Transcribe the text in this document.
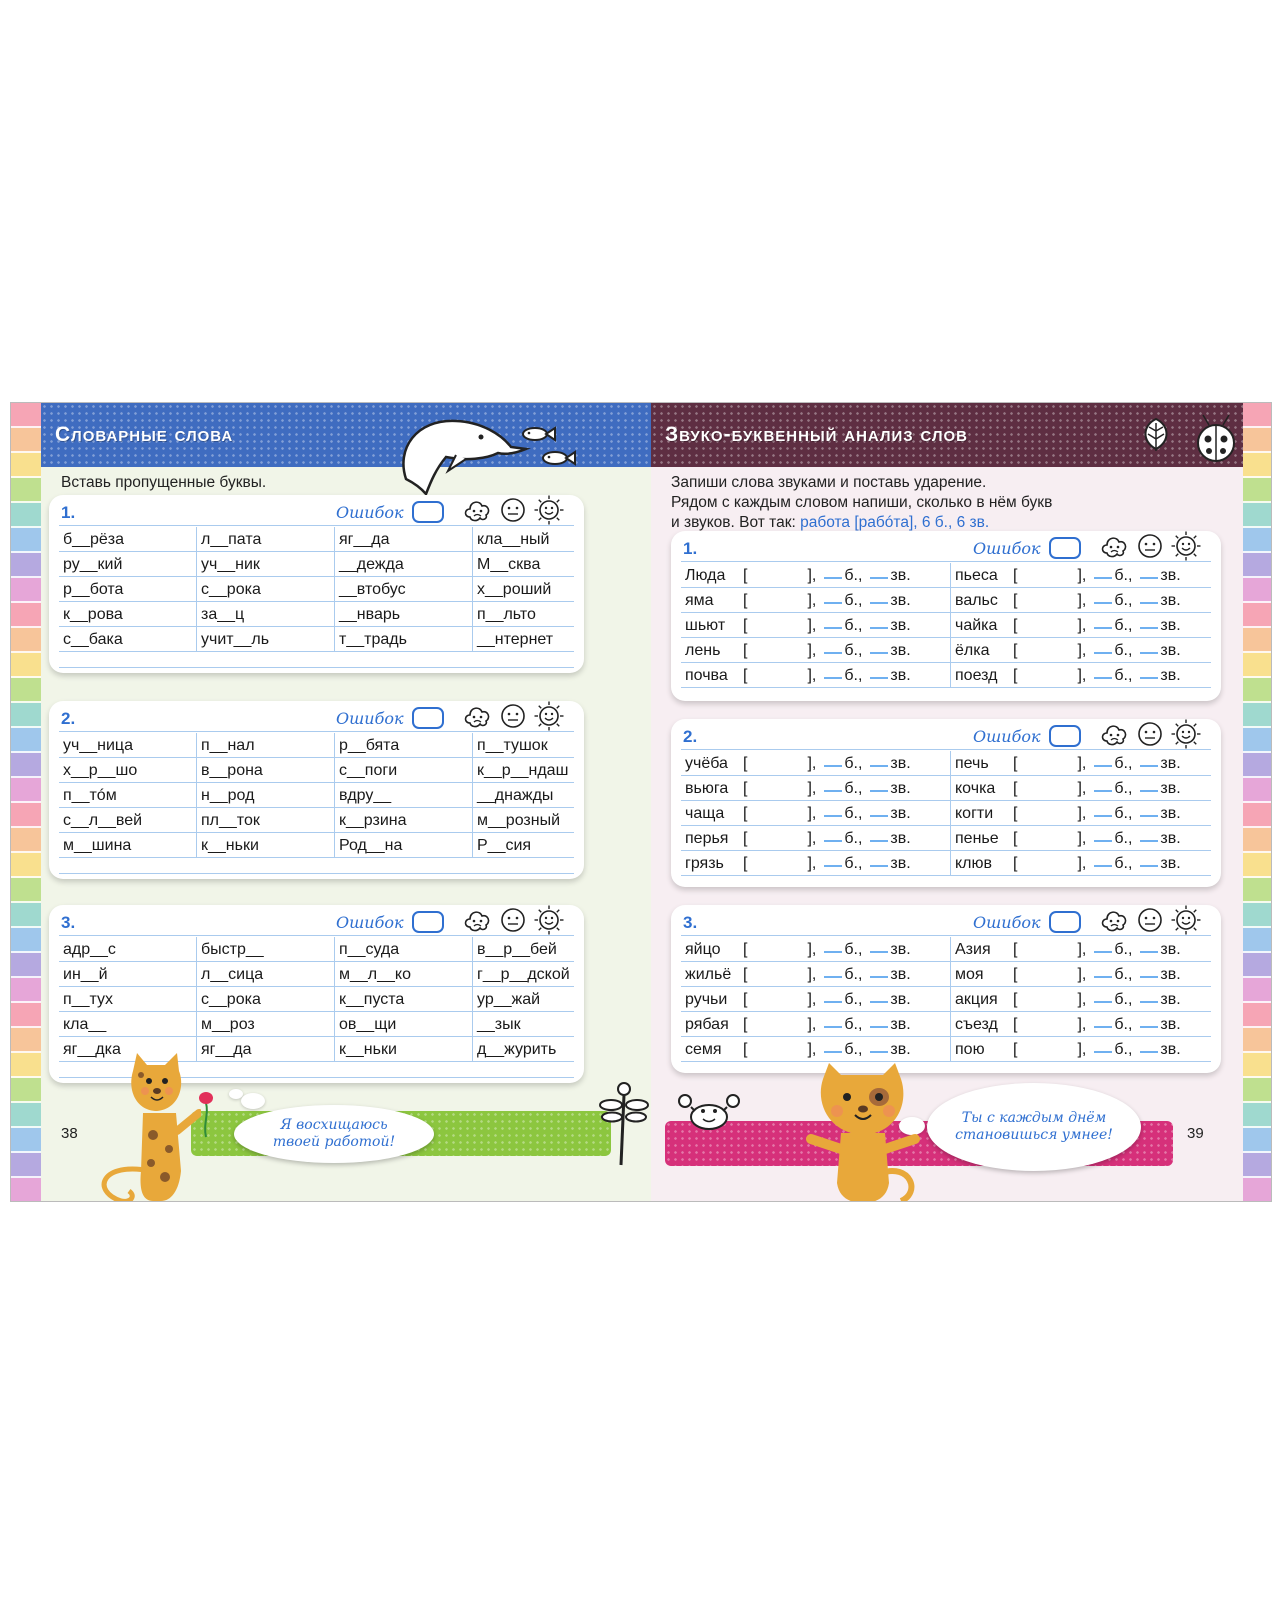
Словарные слова
Вставь пропущенные буквы.
1.	Ошибок
б__рёза	л__пата	яг__да	кла__ный
ру__кий	уч__ник	__дежда	М__сква
р__бота	с__рока	__втобус	х__роший
к__рова	за__ц	__нварь	п__льто
с__бака	учит__ль	т__традь	__нтернет
2.	Ошибок
уч__ница	п__нал	р__бята	п__тушок
х__р__шо	в__рона	с__поги	к__р__ндаш
п__тóм	н__род	вдру__	__днажды
с__л__вей	пл__ток	к__рзина	м__розный
м__шина	к__ньки	Род__на	Р__сия
3.	Ошибок
адр__с	быстр__	п__суда	в__р__бей
ин__й	л__сица	м__л__ко	г__р__дской
п__тух	с__рока	к__пуста	ур__жай
кла__	м__роз	ов__щи	__зык
яг__дка	яг__да	к__ньки	д__журить
38	Я восхищаюсь твоей работой!
Звуко-буквенный анализ слов
Запиши слова звуками и поставь ударение.
Рядом с каждым словом напиши, сколько в нём букв
и звуков. Вот так: работа [рабóта], 6 б., 6 зв.
1.	Ошибок
Люда	[	], б., зв.	пьеса [	], б., зв.
яма	[	], б., зв.	вальс [	], б., зв.
шьют	[	], б., зв.	чайка [	], б., зв.
лень	[	], б., зв.	ёлка	[	], б., зв.
почва [	], б., зв.	поезд [	], б., зв.
2.	Ошибок
учёба [	], б., зв.	печь	[	], б., зв.
вьюга [	], б., зв.	кочка	[	], б., зв.
чаща	[	], б., зв.	когти	[	], б., зв.
перья [	], б., зв.	пенье [	], б., зв.
грязь	[	], б., зв.	клюв	[	], б., зв.
3.	Ошибок
яйцо	[	], б., зв.	Азия	[	], б., зв.
жильё [	], б., зв.	моя	[	], б., зв.
ручьи [	], б., зв.	акция [	], б., зв.
рябая [	], б., зв.	съезд [	], б., зв.
семя	[	], б., зв.	пою	[	], б., зв.
39
Ты с каждым днём становишься умнее!
